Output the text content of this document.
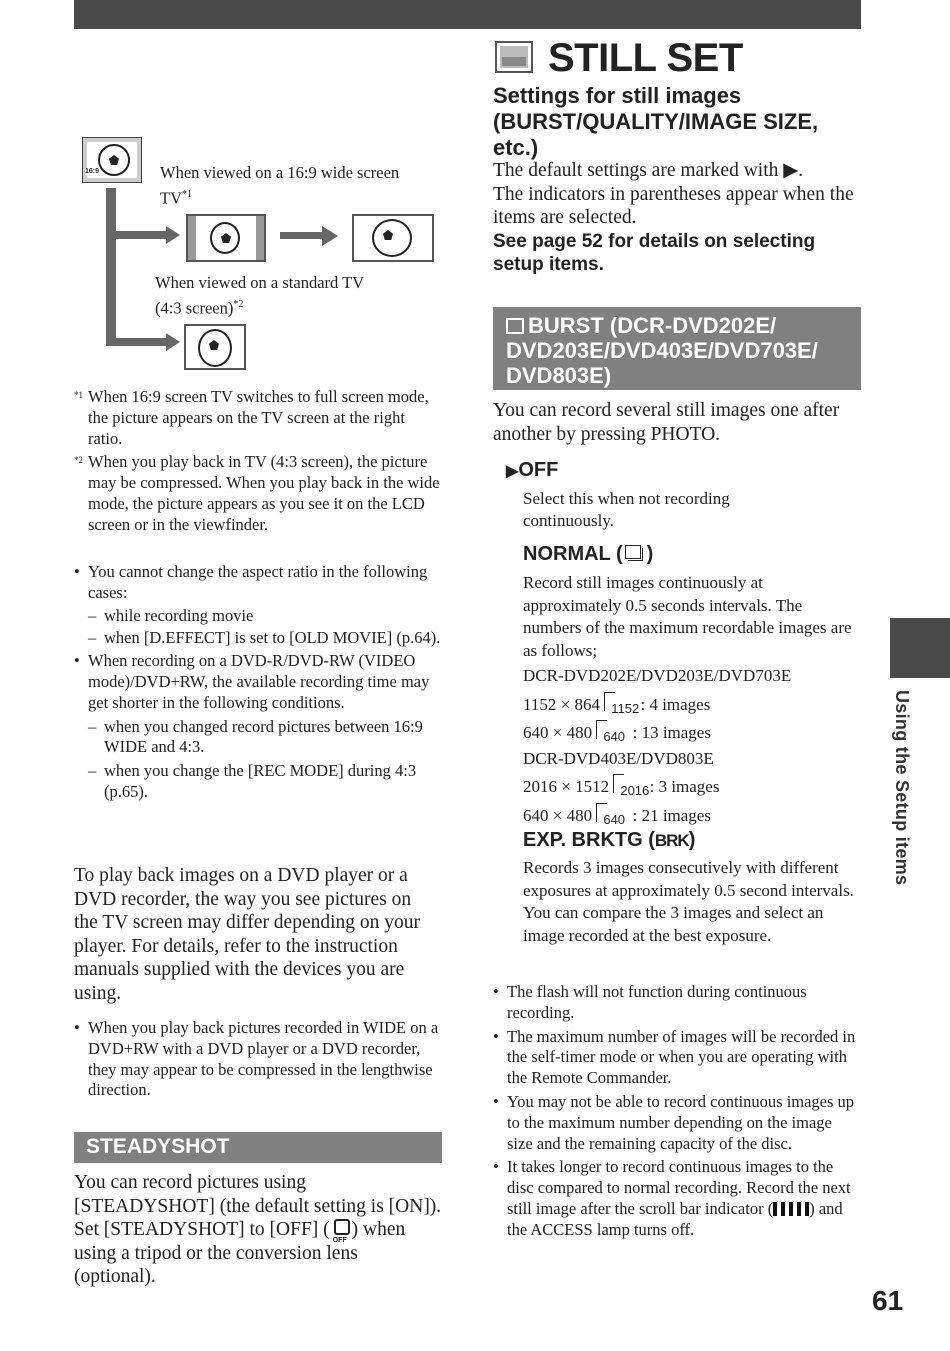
Using the Setup items
61
16:9	When viewed on a 16:9 wide screen TV$^{*1}$
When viewed on a standard TV
(4:3 screen)$^{*2}$
*1 When 16:9 screen TV switches to full screen mode, the picture appears on the TV screen at the right ratio.
*2 When you play back in TV (4:3 screen), the picture may be compressed. When you play back in the wide mode, the picture appears as you see it on the LCD screen or in the viewfinder.
• You cannot change the aspect ratio in the following cases:
– while recording movie
– when [D.EFFECT] is set to [OLD MOVIE] (p.64).
• When recording on a DVD-R/DVD-RW (VIDEO mode)/DVD+RW, the available recording time may get shorter in the following conditions.
– when you changed record pictures between 16:9 WIDE and 4:3.
– when you change the [REC MODE] during 4:3 (p.65).
To play back images on a DVD player or a DVD recorder, the way you see pictures on the TV screen may differ depending on your player. For details, refer to the instruction manuals supplied with the devices you are using.
• When you play back pictures recorded in WIDE on a DVD+RW with a DVD player or a DVD recorder, they may appear to be compressed in the lengthwise direction.
STEADYSHOT
You can record pictures using [STEADYSHOT] (the default setting is [ON]). Set [STEADYSHOT] to [OFF] (
OFF
) when using a tripod or the conversion lens (optional).
STILL SET
Settings for still images
(BURST/QUALITY/IMAGE SIZE, etc.)
The default settings are marked with ▶.
The indicators in parentheses appear when the items are selected.
See page 52 for details on selecting setup items.
BURST (DCR-DVD202E/
DVD203E/DVD403E/DVD703E/
DVD803E)
You can record several still images one after another by pressing PHOTO.
▶OFF
Select this when not recording continuously.
NORMAL ( )
Record still images continuously at approximately 0.5 seconds intervals. The numbers of the maximum recordable images are as follows;
DCR-DVD202E/DVD203E/DVD703E
1152 × 864 1152 : 4 images
640 × 480 640 : 13 images
DCR-DVD403E/DVD803E
2016 × 1512 2016 : 3 images
640 × 480 640 : 21 images
EXP. BRKTG (BRK)
Records 3 images consecutively with different exposures at approximately 0.5 second intervals. You can compare the 3 images and select an image recorded at the best exposure.
• The flash will not function during continuous recording.
• The maximum number of images will be recorded in the self-timer mode or when you are operating with the Remote Commander.
• You may not be able to record continuous images up to the maximum number depending on the image size and the remaining capacity of the disc.
• It takes longer to record continuous images to the disc compared to normal recording. Record the next still image after the scroll bar indicator ( ) and the ACCESS lamp turns off.
